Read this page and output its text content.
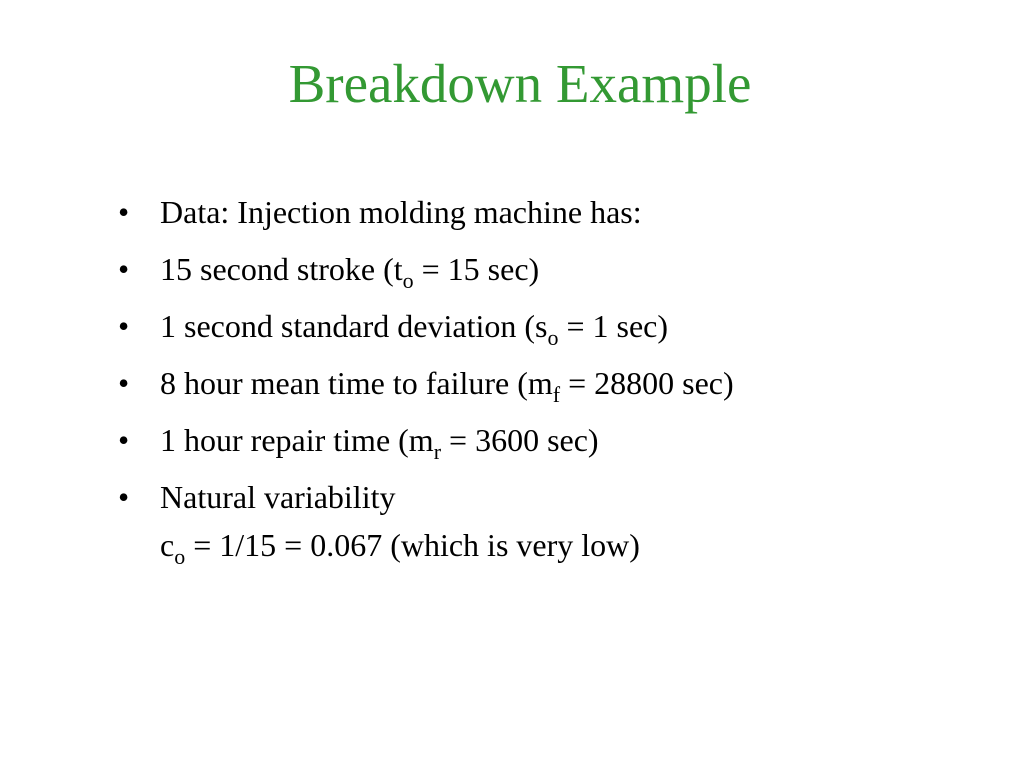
Breakdown Example
• Data: Injection molding machine has:
• 15 second stroke ($t_o = 15$ sec)
• 1 second standard deviation ($s_o = 1$ sec)
• 8 hour mean time to failure ($m_f = 28800$ sec)
• 1 hour repair time ($m_r = 3600$ sec)
• Natural variability
$c_o = 1/15 = 0.067$ (which is very low)
